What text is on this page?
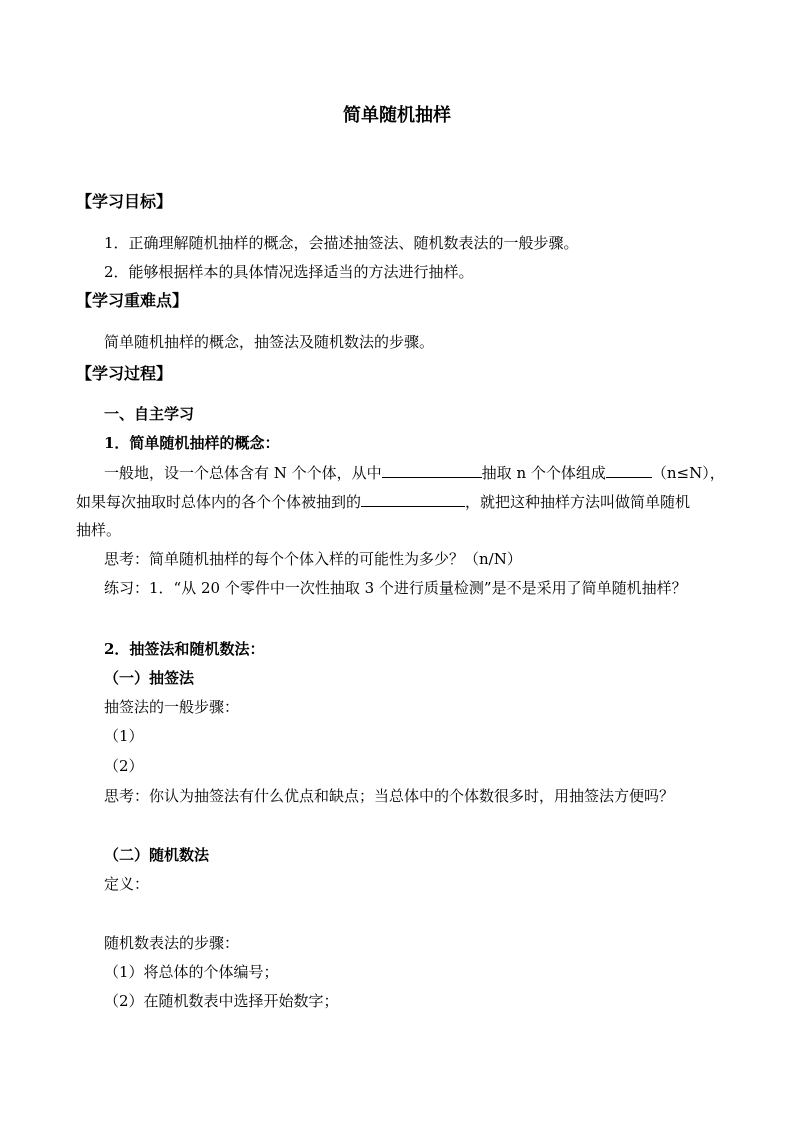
简单随机抽样
【学习目标】
1．正确理解随机抽样的概念，会描述抽签法、随机数表法的一般步骤。
2．能够根据样本的具体情况选择适当的方法进行抽样。
【学习重难点】
简单随机抽样的概念，抽签法及随机数法的步骤。
【学习过程】
一、自主学习
1．简单随机抽样的概念：
一般地，设一个总体含有 N 个个体，从中	抽取 n 个个体组成	（n≤N），
如果每次抽取时总体内的各个个体被抽到的	，就把这种抽样方法叫做简单随机
抽样。
思考：简单随机抽样的每个个体入样的可能性为多少？（n/N）
练习：1．“从 20 个零件中一次性抽取 3 个进行质量检测”是不是采用了简单随机抽样？
2．抽签法和随机数法：
（一）抽签法
抽签法的一般步骤：
（1）
（2）
思考：你认为抽签法有什么优点和缺点；当总体中的个体数很多时，用抽签法方便吗？
（二）随机数法
定义：
随机数表法的步骤：
（1）将总体的个体编号；
（2）在随机数表中选择开始数字；
